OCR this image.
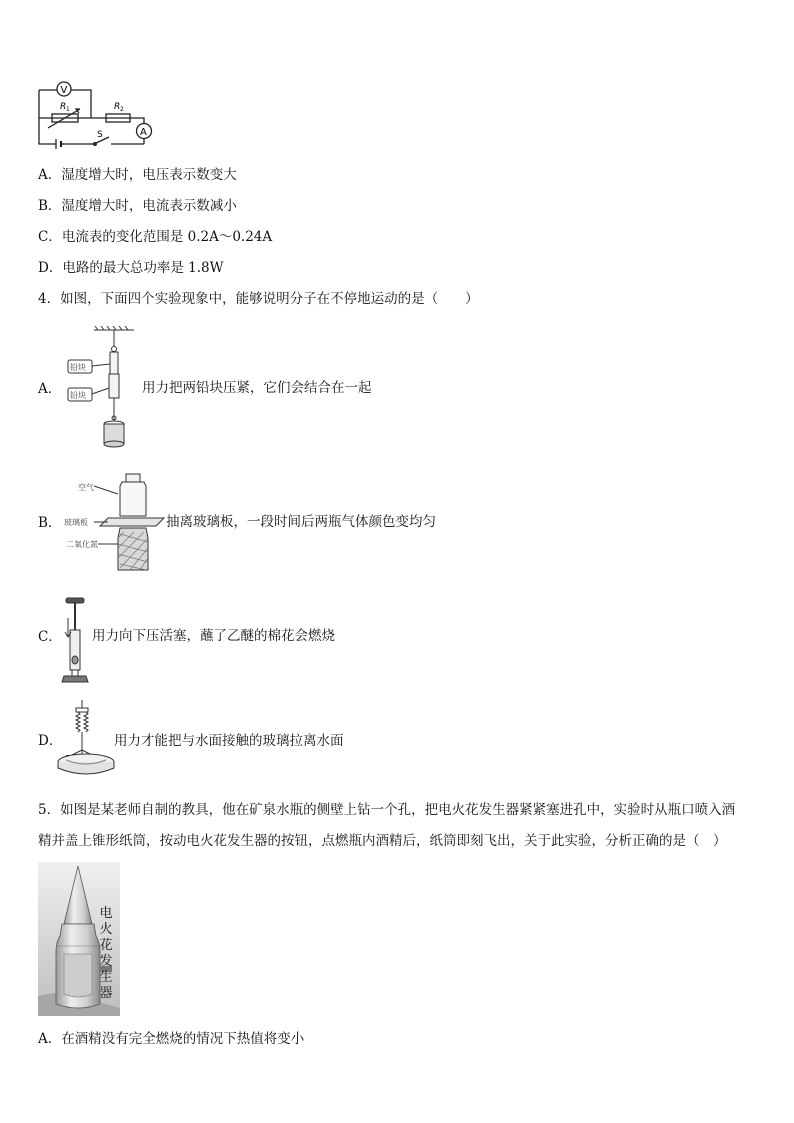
V
R 1	R 2
S	A
A．湿度增大时，电压表示数变大
B．湿度增大时，电流表示数减小
C．电流表的变化范围是 0.2A～0.24A
D．电路的最大总功率是 1.8W
4．如图，下面四个实验现象中，能够说明分子在不停地运动的是（　　）
A．
铅块
铅块	用力把两铅块压紧，它们会结合在一起
B．
空气
玻璃板
二氧化氮
抽离玻璃板，一段时间后两瓶气体颜色变均匀
C． 用力向下压活塞，蘸了乙醚的棉花会燃烧
D．	用力才能把与水面接触的玻璃拉离水面
5．如图是某老师自制的教具，他在矿泉水瓶的侧壁上钻一个孔，把电火花发生器紧紧塞进孔中，实验时从瓶口喷入酒
精并盖上锥形纸筒，按动电火花发生器的按钮，点燃瓶内酒精后，纸筒即刻飞出，关于此实验，分析正确的是（　）
电
火
花
发
生
器
A．在酒精没有完全燃烧的情况下热值将变小
